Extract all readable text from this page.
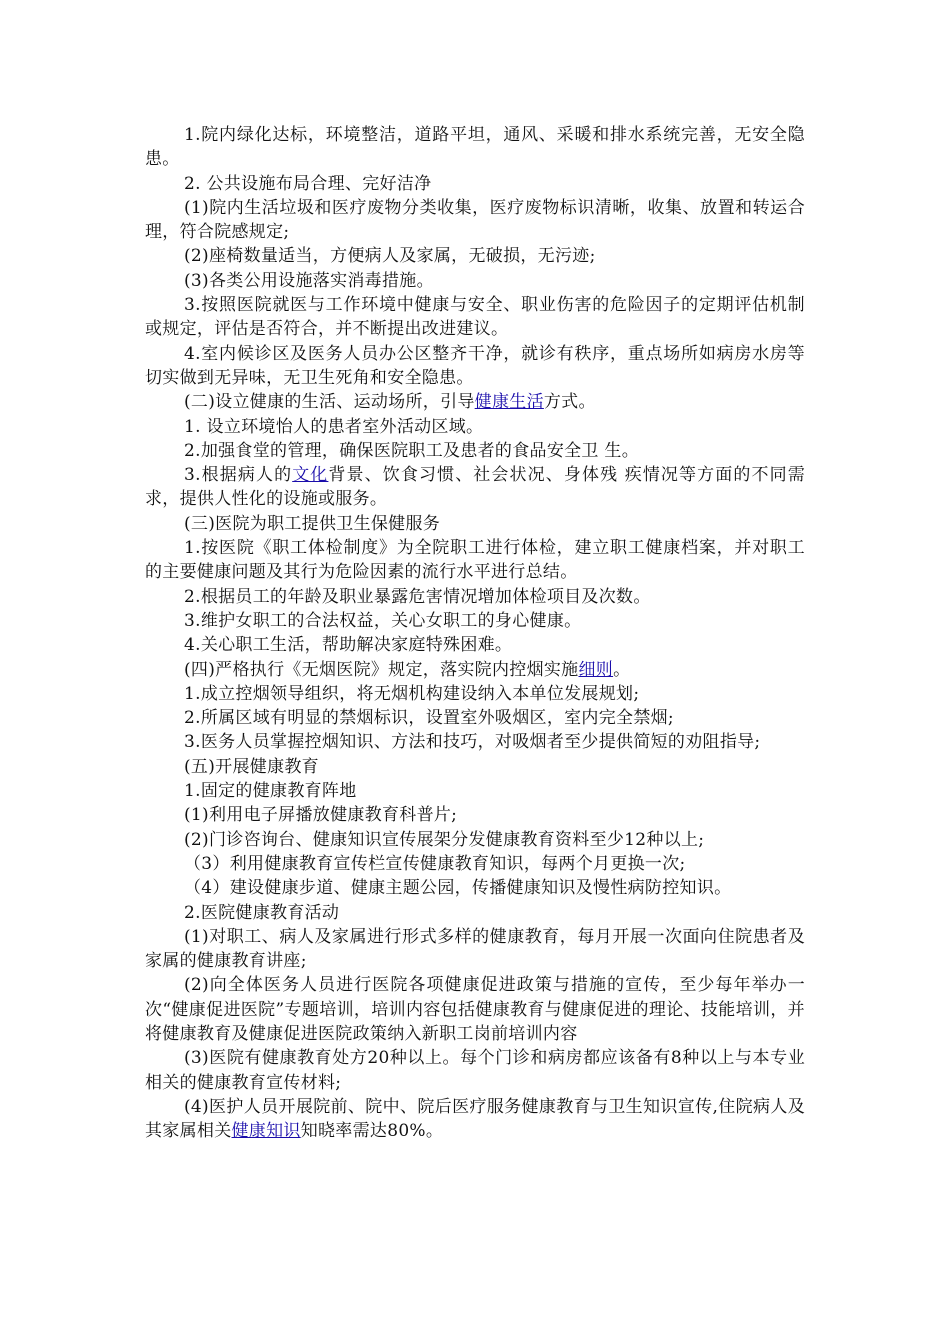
1.院内绿化达标，环境整洁，道路平坦，通风、采暖和排水系统完善，无安全隐患。

2. 公共设施布局合理、完好洁净

(1)院内生活垃圾和医疗废物分类收集，医疗废物标识清晰，收集、放置和转运合理，符合院感规定;

(2)座椅数量适当，方便病人及家属，无破损，无污迹;

(3)各类公用设施落实消毒措施。

3.按照医院就医与工作环境中健康与安全、职业伤害的危险因子的定期评估机制或规定，评估是否符合，并不断提出改进建议。

4.室内候诊区及医务人员办公区整齐干净，就诊有秩序，重点场所如病房水房等切实做到无异味，无卫生死角和安全隐患。

(二)设立健康的生活、运动场所，引导健康生活方式。

1. 设立环境怡人的患者室外活动区域。

2.加强食堂的管理，确保医院职工及患者的食品安全卫 生。

3.根据病人的文化背景、饮食习惯、社会状况、身体残 疾情况等方面的不同需求，提供人性化的设施或服务。

(三)医院为职工提供卫生保健服务

1.按医院《职工体检制度》为全院职工进行体检，建立职工健康档案，并对职工的主要健康问题及其行为危险因素的流行水平进行总结。

2.根据员工的年龄及职业暴露危害情况增加体检项目及次数。

3.维护女职工的合法权益，关心女职工的身心健康。

4.关心职工生活，帮助解决家庭特殊困难。

(四)严格执行《无烟医院》规定，落实院内控烟实施细则。

1.成立控烟领导组织，将无烟机构建设纳入本单位发展规划;

2.所属区域有明显的禁烟标识，设置室外吸烟区，室内完全禁烟;

3.医务人员掌握控烟知识、方法和技巧，对吸烟者至少提供简短的劝阻指导;

(五)开展健康教育

1.固定的健康教育阵地

(1)利用电子屏播放健康教育科普片;

(2)门诊咨询台、健康知识宣传展架分发健康教育资料至少12种以上;

（3）利用健康教育宣传栏宣传健康教育知识，每两个月更换一次;

（4）建设健康步道、健康主题公园，传播健康知识及慢性病防控知识。

2.医院健康教育活动

(1)对职工、病人及家属进行形式多样的健康教育，每月开展一次面向住院患者及家属的健康教育讲座;

(2)向全体医务人员进行医院各项健康促进政策与措施的宣传，至少每年举办一次“健康促进医院”专题培训，培训内容包括健康教育与健康促进的理论、技能培训，并将健康教育及健康促进医院政策纳入新职工岗前培训内容

(3)医院有健康教育处方20种以上。每个门诊和病房都应该备有8种以上与本专业相关的健康教育宣传材料;

(4)医护人员开展院前、院中、院后医疗服务健康教育与卫生知识宣传,住院病人及其家属相关健康知识知晓率需达80%。
